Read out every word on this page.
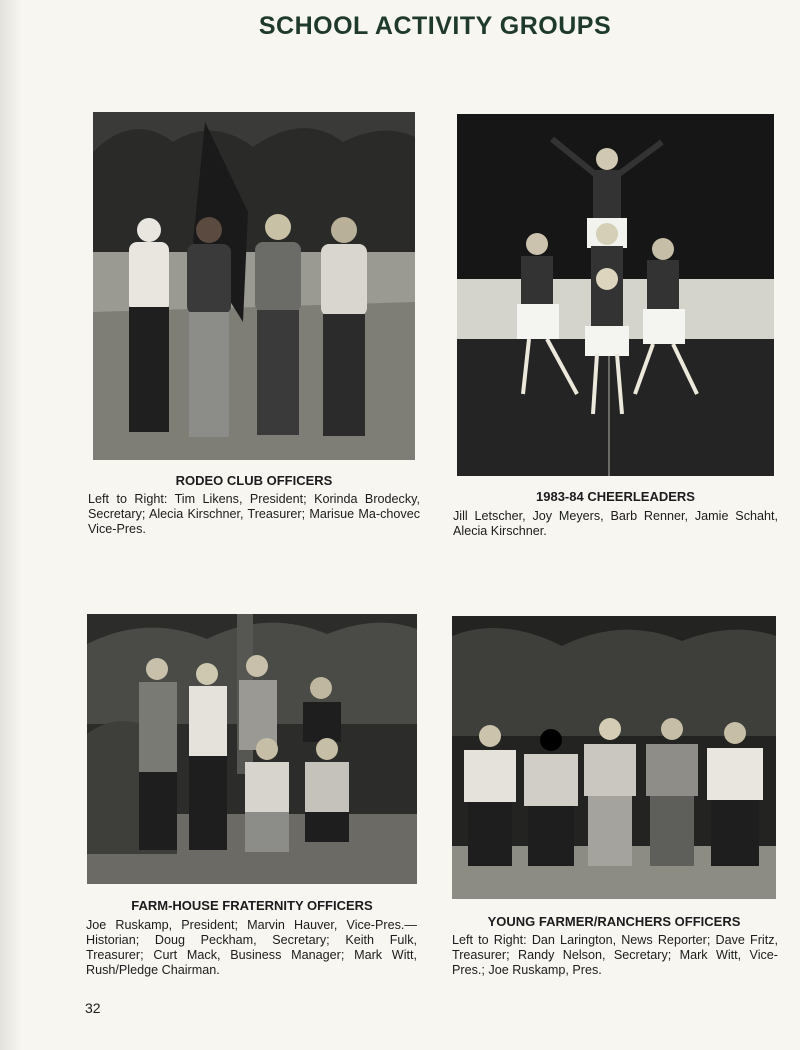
SCHOOL ACTIVITY GROUPS
RODEO CLUB OFFICERS
Left to Right: Tim Likens, President; Korinda Brodecky, Secretary; Alecia Kirschner, Treasurer; Marisue Ma-chovec Vice-Pres.
1983-84 CHEERLEADERS
Jill Letscher, Joy Meyers, Barb Renner, Jamie Schaht, Alecia Kirschner.
FARM-HOUSE FRATERNITY OFFICERS
Joe Ruskamp, President; Marvin Hauver, Vice-Pres.—Historian; Doug Peckham, Secretary; Keith Fulk, Treasurer; Curt Mack, Business Manager; Mark Witt, Rush/Pledge Chairman.
YOUNG FARMER/RANCHERS OFFICERS
Left to Right: Dan Larington, News Reporter; Dave Fritz, Treasurer; Randy Nelson, Secretary; Mark Witt, Vice-Pres.; Joe Ruskamp, Pres.
32
